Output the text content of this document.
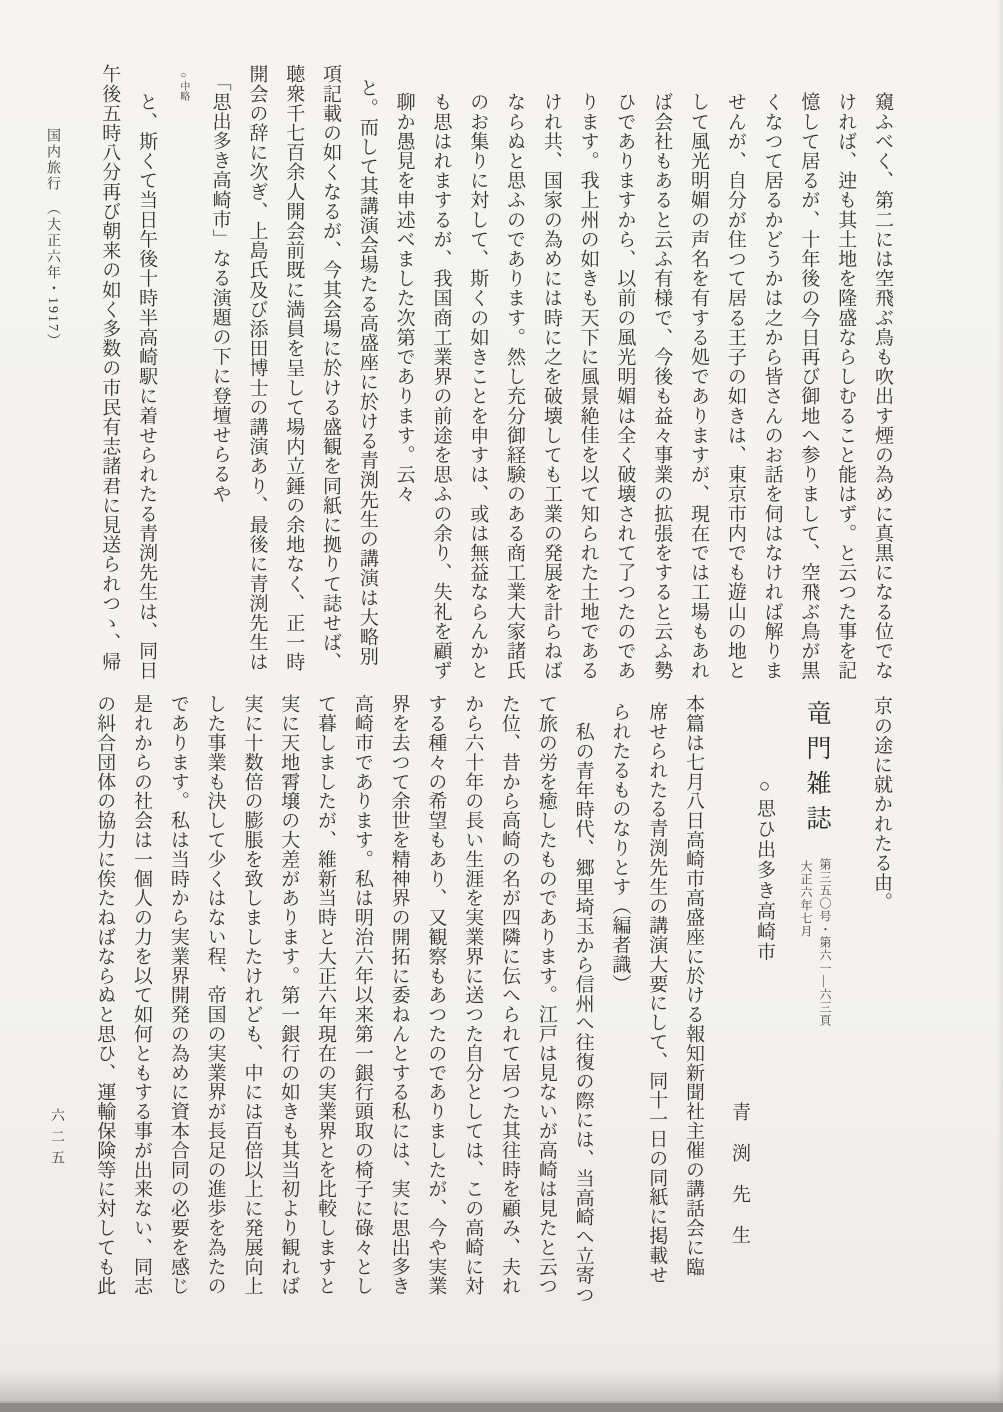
国内旅行　（大正六年・1917）	窺ふべく、第二には空飛ぶ鳥も吹出す煙の為めに真黒になる位でな
ければ、迚も其土地を隆盛ならしむること能はず。と云つた事を記
憶して居るが、十年後の今日再び御地へ参りまして、空飛ぶ鳥が黒
くなつて居るかどうかは之から皆さんのお話を伺はなければ解りま
せんが、自分が住つて居る王子の如きは、東京市内でも遊山の地と
して風光明媚の声名を有する処でありますが、現在では工場もあれ
ば会社もあると云ふ有様で、今後も益々事業の拡張をすると云ふ勢
ひでありますから、以前の風光明媚は全く破壊されて了つたのであ
ります。我上州の如きも天下に風景絶佳を以て知られた土地である
けれ共、国家の為めには時に之を破壊しても工業の発展を計らねば
ならぬと思ふのであります。然し充分御経験のある商工業大家諸氏
のお集りに対して、斯くの如きことを申すは、或は無益ならんかと
も思はれまするが、我国商工業界の前途を思ふの余り、失礼を顧ず
聊か愚見を申述べました次第であります。云々
と。而して其講演会場たる高盛座に於ける青渕先生の講演は大略別
項記載の如くなるが、今其会場に於ける盛観を同紙に拠りて誌せば、
聴衆千七百余人開会前既に満員を呈して場内立錘の余地なく、正一時
開会の辞に次ぎ、上島氏及び添田博士の講演あり、最後に青渕先生は
「思出多き高崎市」なる演題の下に登壇せらるや
○中略
と、斯くて当日午後十時半高崎駅に着せられたる青渕先生は、同日
午後五時八分再び朝来の如く多数の市民有志諸君に見送られつゝ、帰
京の途に就かれたる由。
竜門雑誌
第三五〇号・第六一―六三頁
大正六年七月
○思ひ出多き高崎市
青渕先生
本篇は七月八日高崎市高盛座に於ける報知新聞社主催の講話会に臨
席せられたる青渕先生の講演大要にして、同十一日の同紙に掲載せ
られたるものなりとす（編者識）
私の青年時代、郷里埼玉から信州へ往復の際には、当高崎へ立寄つ
て旅の労を癒したものであります。江戸は見ないが高崎は見たと云つ
た位、昔から高崎の名が四隣に伝へられて居つた其往時を顧み、夫れ
から六十年の長い生涯を実業界に送つた自分としては、この高崎に対
する種々の希望もあり、又観察もあつたのでありましたが、今や実業
界を去つて余世を精神界の開拓に委ねんとする私には、実に思出多き
高崎市であります。私は明治六年以来第一銀行頭取の椅子に碌々とし
て暮しましたが、維新当時と大正六年現在の実業界とを比較しますと
実に天地霄壌の大差があります。第一銀行の如きも其当初より観れば
実に十数倍の膨脹を致しましたけれども、中には百倍以上に発展向上
した事業も決して少くはない程、帝国の実業界が長足の進歩を為たの
であります。私は当時から実業界開発の為めに資本合同の必要を感じ
是れからの社会は一個人の力を以て如何ともする事が出来ない、同志
の糾合団体の協力に俟たねばならぬと思ひ、運輸保険等に対しても此
六二五
